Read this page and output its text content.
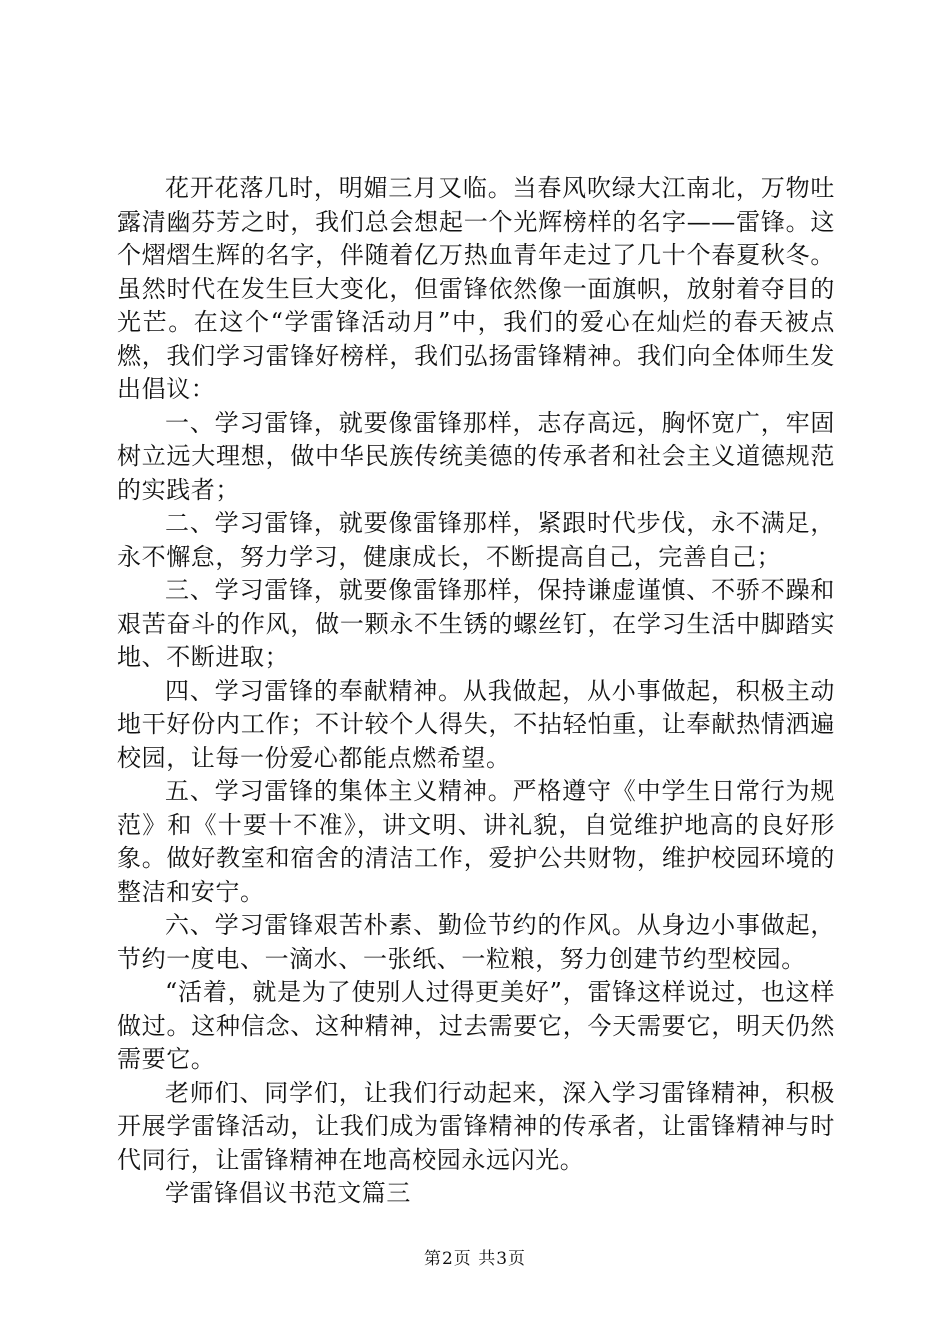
花开花落几时，明媚三月又临。当春风吹绿大江南北，万物吐露清幽芬芳之时，我们总会想起一个光辉榜样的名字——雷锋。这个熠熠生辉的名字，伴随着亿万热血青年走过了几十个春夏秋冬。虽然时代在发生巨大变化，但雷锋依然像一面旗帜，放射着夺目的光芒。在这个“学雷锋活动月”中，我们的爱心在灿烂的春天被点燃，我们学习雷锋好榜样，我们弘扬雷锋精神。我们向全体师生发出倡议：

一、学习雷锋，就要像雷锋那样，志存高远，胸怀宽广，牢固树立远大理想，做中华民族传统美德的传承者和社会主义道德规范的实践者；

二、学习雷锋，就要像雷锋那样，紧跟时代步伐，永不满足，永不懈怠，努力学习，健康成长，不断提高自己，完善自己；

三、学习雷锋，就要像雷锋那样，保持谦虚谨慎、不骄不躁和艰苦奋斗的作风，做一颗永不生锈的螺丝钉，在学习生活中脚踏实地、不断进取；

四、学习雷锋的奉献精神。从我做起，从小事做起，积极主动地干好份内工作；不计较个人得失，不拈轻怕重，让奉献热情洒遍校园，让每一份爱心都能点燃希望。

五、学习雷锋的集体主义精神。严格遵守《中学生日常行为规范》和《十要十不准》，讲文明、讲礼貌，自觉维护地高的良好形象。做好教室和宿舍的清洁工作，爱护公共财物，维护校园环境的整洁和安宁。

六、学习雷锋艰苦朴素、勤俭节约的作风。从身边小事做起，节约一度电、一滴水、一张纸、一粒粮，努力创建节约型校园。

“活着，就是为了使别人过得更美好”，雷锋这样说过，也这样做过。这种信念、这种精神，过去需要它，今天需要它，明天仍然需要它。

老师们、同学们，让我们行动起来，深入学习雷锋精神，积极开展学雷锋活动，让我们成为雷锋精神的传承者，让雷锋精神与时代同行，让雷锋精神在地高校园永远闪光。

学雷锋倡议书范文篇三

第2页 共3页
